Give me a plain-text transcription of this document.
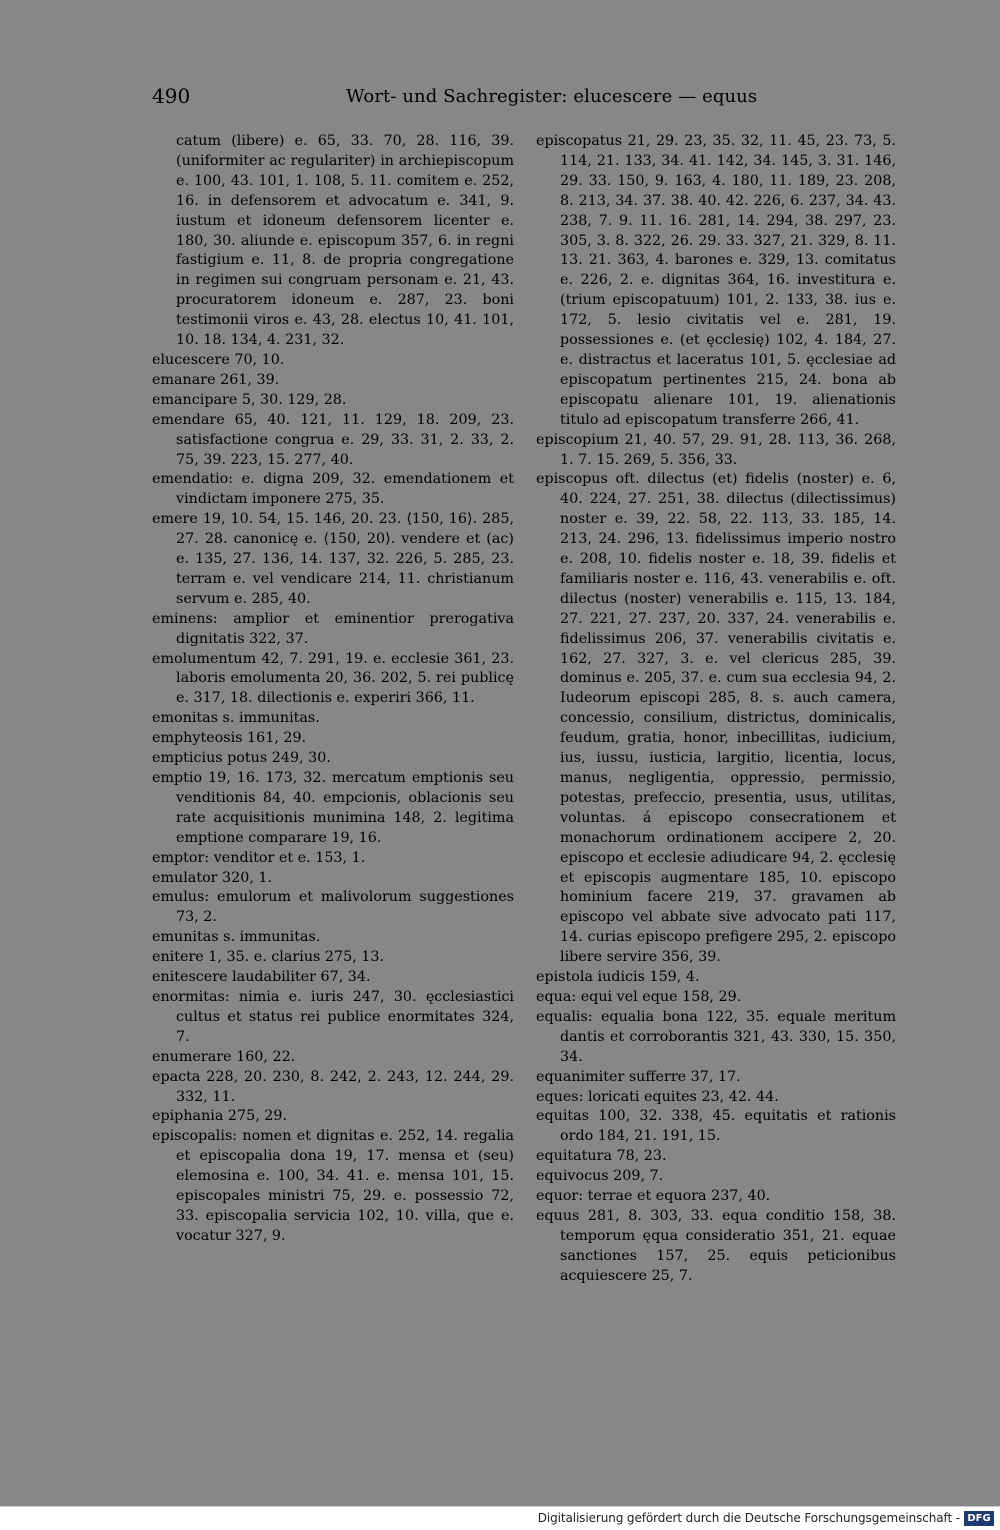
490	Wort- und Sachregister: elucescere — equus

catum (libere) e. 65, 33. 70, 28. 116, 39. (uniformiter ac regulariter) in archiepiscopum e. 100, 43. 101, 1. 108, 5. 11. comitem e. 252, 16. in defensorem et advocatum e. 341, 9. iustum et idoneum defensorem licenter e. 180, 30. aliunde e. episcopum 357, 6. in regni fastigium e. 11, 8. de propria congregatione in regimen sui congruam personam e. 21, 43. procuratorem idoneum e. 287, 23. boni testimonii viros e. 43, 28. electus 10, 41. 101, 10. 18. 134, 4. 231, 32.

elucescere 70, 10.

emanare 261, 39.

emancipare 5, 30. 129, 28.

emendare 65, 40. 121, 11. 129, 18. 209, 23. satisfactione congrua e. 29, 33. 31, 2. 33, 2. 75, 39. 223, 15. 277, 40.

emendatio: e. digna 209, 32. emendationem et vindictam imponere 275, 35.

emere 19, 10. 54, 15. 146, 20. 23. ⟨150, 16⟩. 285, 27. 28. canonicę e. ⟨150, 20⟩. vendere et (ac) e. 135, 27. 136, 14. 137, 32. 226, 5. 285, 23. terram e. vel vendicare 214, 11. christianum servum e. 285, 40.

eminens: amplior et eminentior prerogativa dignitatis 322, 37.

emolumentum 42, 7. 291, 19. e. ecclesie 361, 23. laboris emolumenta 20, 36. 202, 5. rei publicę e. 317, 18. dilectionis e. experiri 366, 11.

emonitas s. immunitas.

emphyteosis 161, 29.

empticius potus 249, 30.

emptio 19, 16. 173, 32. mercatum emptionis seu venditionis 84, 40. empcionis, oblacionis seu rate acquisitionis munimina 148, 2. legitima emptione comparare 19, 16.

emptor: venditor et e. 153, 1.

emulator 320, 1.

emulus: emulorum et malivolorum suggestiones 73, 2.

emunitas s. immunitas.

enitere 1, 35. e. clarius 275, 13.

enitescere laudabiliter 67, 34.

enormitas: nimia e. iuris 247, 30. ęcclesiastici cultus et status rei publice enormitates 324, 7.

enumerare 160, 22.

epacta 228, 20. 230, 8. 242, 2. 243, 12. 244, 29. 332, 11.

epiphania 275, 29.

episcopalis: nomen et dignitas e. 252, 14. regalia et episcopalia dona 19, 17. mensa et (seu) elemosina e. 100, 34. 41. e. mensa 101, 15. episcopales ministri 75, 29. e. possessio 72, 33. episcopalia servicia 102, 10. villa, que e. vocatur 327, 9.

episcopatus 21, 29. 23, 35. 32, 11. 45, 23. 73, 5. 114, 21. 133, 34. 41. 142, 34. 145, 3. 31. 146, 29. 33. 150, 9. 163, 4. 180, 11. 189, 23. 208, 8. 213, 34. 37. 38. 40. 42. 226, 6. 237, 34. 43. 238, 7. 9. 11. 16. 281, 14. 294, 38. 297, 23. 305, 3. 8. 322, 26. 29. 33. 327, 21. 329, 8. 11. 13. 21. 363, 4. barones e. 329, 13. comitatus e. 226, 2. e. dignitas 364, 16. investitura e. (trium episcopatuum) 101, 2. 133, 38. ius e. 172, 5. lesio civitatis vel e. 281, 19. possessiones e. (et ęcclesię) 102, 4. 184, 27. e. distractus et laceratus 101, 5. ęcclesiae ad episcopatum pertinentes 215, 24. bona ab episcopatu alienare 101, 19. alienationis titulo ad episcopatum transferre 266, 41.

episcopium 21, 40. 57, 29. 91, 28. 113, 36. 268, 1. 7. 15. 269, 5. 356, 33.

episcopus oft. dilectus (et) fidelis (noster) e. 6, 40. 224, 27. 251, 38. dilectus (dilectissimus) noster e. 39, 22. 58, 22. 113, 33. 185, 14. 213, 24. 296, 13. fidelissimus imperio nostro e. 208, 10. fidelis noster e. 18, 39. fidelis et familiaris noster e. 116, 43. venerabilis e. oft. dilectus (noster) venerabilis e. 115, 13. 184, 27. 221, 27. 237, 20. 337, 24. venerabilis e. fidelissimus 206, 37. venerabilis civitatis e. 162, 27. 327, 3. e. vel clericus 285, 39. dominus e. 205, 37. e. cum sua ecclesia 94, 2. Iudeorum episcopi 285, 8. s. auch camera, concessio, consilium, districtus, dominicalis, feudum, gratia, honor, inbecillitas, iudicium, ius, iussu, iusticia, largitio, licentia, locus, manus, negligentia, oppressio, permissio, potestas, prefeccio, presentia, usus, utilitas, voluntas. á episcopo consecrationem et monachorum ordinationem accipere 2, 20. episcopo et ecclesie adiudicare 94, 2. ęcclesię et episcopis augmentare 185, 10. episcopo hominium facere 219, 37. gravamen ab episcopo vel abbate sive advocato pati 117, 14. curias episcopo prefigere 295, 2. episcopo libere servire 356, 39.

epistola iudicis 159, 4.

equa: equi vel eque 158, 29.

equalis: equalia bona 122, 35. equale meritum dantis et corroborantis 321, 43. 330, 15. 350, 34.

equanimiter sufferre 37, 17.

eques: loricati equites 23, 42. 44.

equitas 100, 32. 338, 45. equitatis et rationis ordo 184, 21. 191, 15.

equitatura 78, 23.

equivocus 209, 7.

equor: terrae et equora 237, 40.

equus 281, 8. 303, 33. equa conditio 158, 38. temporum ęqua consideratio 351, 21. equae sanctiones 157, 25. equis peticionibus acquiescere 25, 7.

Digitalisierung gefördert durch die Deutsche Forschungsgemeinschaft - DFG
